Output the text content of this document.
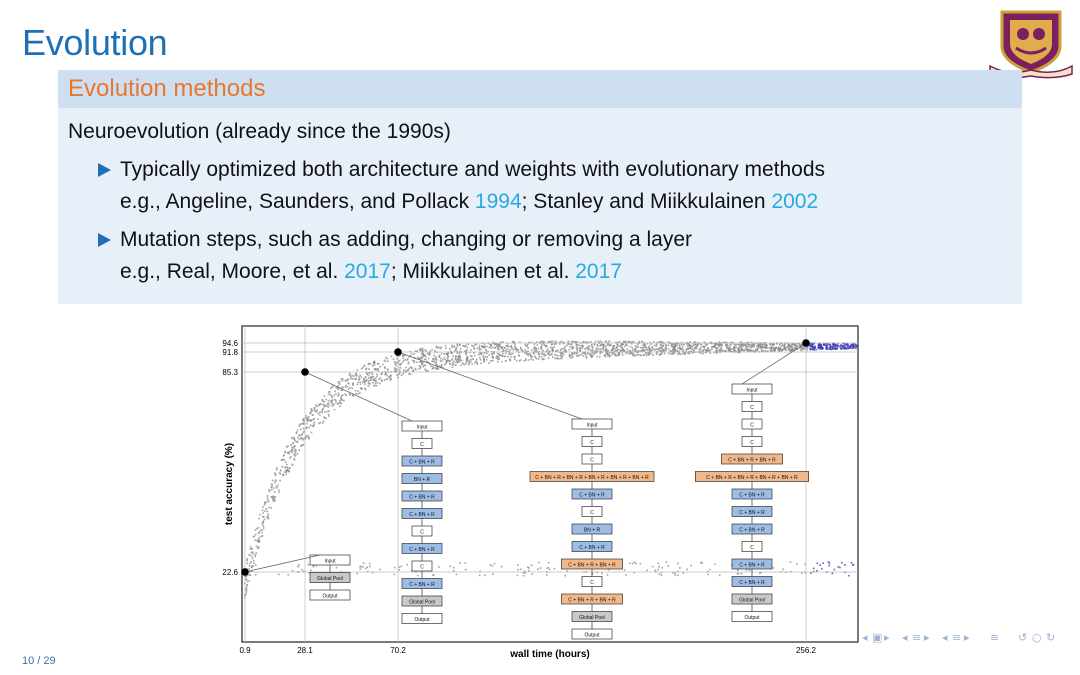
Evolution
Evolution methods
Neuroevolution (already since the 1990s)
Typically optimized both architecture and weights with evolutionary methods
e.g., Angeline, Saunders, and Pollack 1994; Stanley and Miikkulainen 2002
Mutation steps, such as adding, changing or removing a layer
e.g., Real, Moore, et al. 2017; Miikkulainen et al. 2017
0.9	28.1	70.2	256.2
22.6
85.3
91.8
94.6
wall time (hours)
test accuracy (%)
Input
Global Pool
Output
Input
C
C + BN + R
BN + R
C + BN + R
C + BN + R
C
C + BN + R
C
C + BN + R
Global Pool
Output
Input
C
C
C + BN + R + BN + R + BN + R + BN + R + BN + R
C + BN + R
C
BN + R
C + BN + R
C + BN + R + BN + R
C
C + BN + R + BN + R
Global Pool
Output
Input
C
C
C
C + BN + R + BN + R
C + BN + R + BN + R + BN + R + BN + R
C + BN + R
C + BN + R
C + BN + R
C
C + BN + R
C + BN + R
Global Pool
Output
◂ ▣ ▸ ◂ ≡ ▸ ◂ ≡ ▸ ≡ ↺ ○ ↻
10 / 29
